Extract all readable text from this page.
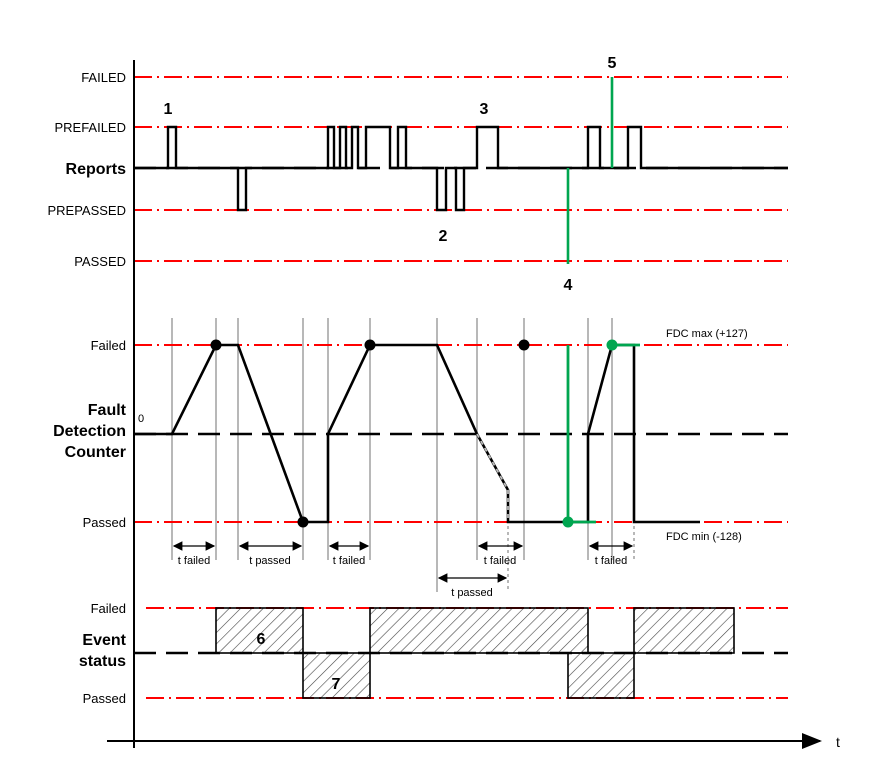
FAILED
PREFAILED
PREPASSED
PASSED
Reports
1
2
3
4
5
Failed
Passed
0
Fault
Detection
Counter
FDC max (+127)
FDC min (-128)
t failed	t passed	t failed	t failed
t passed
t failed
Failed
Passed
Event
status
6
7
t
